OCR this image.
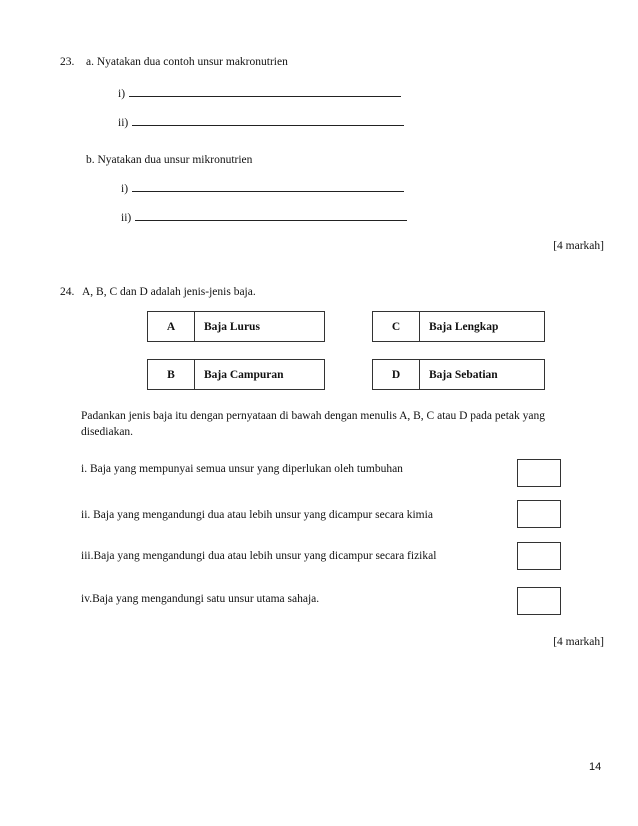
23. a. Nyatakan dua contoh unsur makronutrien
i)
ii)
b. Nyatakan dua unsur mikronutrien
i)
ii)
[4 markah]
24. A, B, C dan D adalah jenis-jenis baja.
A	Baja Lurus	C	Baja Lengkap
B	Baja Campuran	D	Baja Sebatian
Padankan jenis baja itu dengan pernyataan di bawah dengan menulis A, B, C atau D pada petak yang
disediakan.
i. Baja yang mempunyai semua unsur yang diperlukan oleh tumbuhan
ii. Baja yang mengandungi dua atau lebih unsur yang dicampur secara kimia
iii.Baja yang mengandungi dua atau lebih unsur yang dicampur secara fizikal
iv.Baja yang mengandungi satu unsur utama sahaja.
[4 markah]
14
